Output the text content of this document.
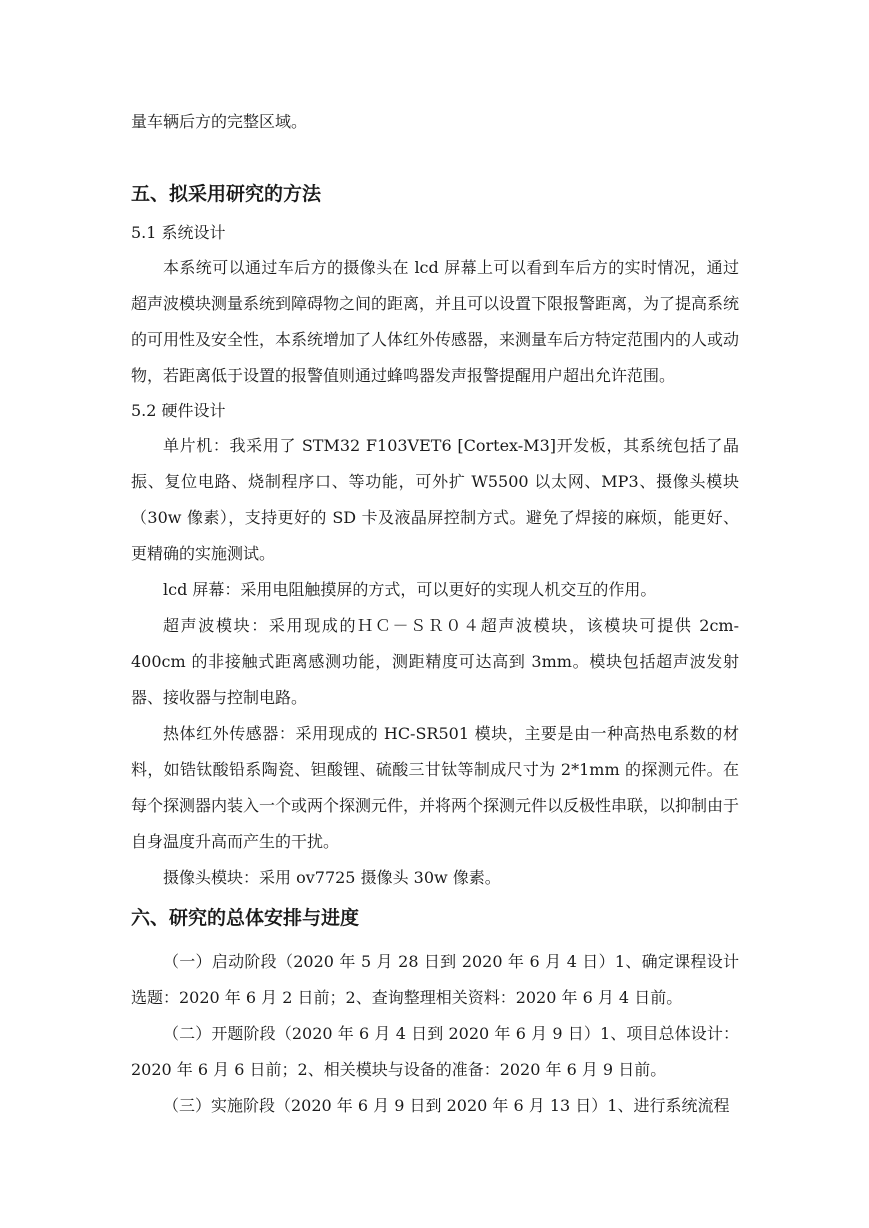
量车辆后方的完整区域。

五、拟采用研究的方法

5.1 系统设计

本系统可以通过车后方的摄像头在 lcd 屏幕上可以看到车后方的实时情况，通过超声波模块测量系统到障碍物之间的距离，并且可以设置下限报警距离，为了提高系统的可用性及安全性，本系统增加了人体红外传感器，来测量车后方特定范围内的人或动物，若距离低于设置的报警值则通过蜂鸣器发声报警提醒用户超出允许范围。

5.2 硬件设计

单片机：我采用了 STM32 F103VET6 [Cortex-M3]开发板，其系统包括了晶振、复位电路、烧制程序口、等功能，可外扩 W5500 以太网、MP3、摄像头模块（30w 像素），支持更好的 SD 卡及液晶屏控制方式。避免了焊接的麻烦，能更好、更精确的实施测试。

lcd 屏幕：采用电阻触摸屏的方式，可以更好的实现人机交互的作用。

超声波模块：采用现成的ＨＣ－ＳＲ０４超声波模块，该模块可提供 2cm-400cm 的非接触式距离感测功能，测距精度可达高到 3mm。模块包括超声波发射器、接收器与控制电路。

热体红外传感器：采用现成的 HC-SR501 模块，主要是由一种高热电系数的材料，如锆钛酸铅系陶瓷、钽酸锂、硫酸三甘钛等制成尺寸为 2*1mm 的探测元件。在每个探测器内装入一个或两个探测元件，并将两个探测元件以反极性串联，以抑制由于自身温度升高而产生的干扰。

摄像头模块：采用 ov7725 摄像头 30w 像素。

六、研究的总体安排与进度

（一）启动阶段（2020 年 5 月 28 日到 2020 年 6 月 4 日）1、确定课程设计选题：2020 年 6 月 2 日前；2、查询整理相关资料：2020 年 6 月 4 日前。

（二）开题阶段（2020 年 6 月 4 日到 2020 年 6 月 9 日）1、项目总体设计：2020 年 6 月 6 日前；2、相关模块与设备的准备：2020 年 6 月 9 日前。

（三）实施阶段（2020 年 6 月 9 日到 2020 年 6 月 13 日）1、进行系统流程
